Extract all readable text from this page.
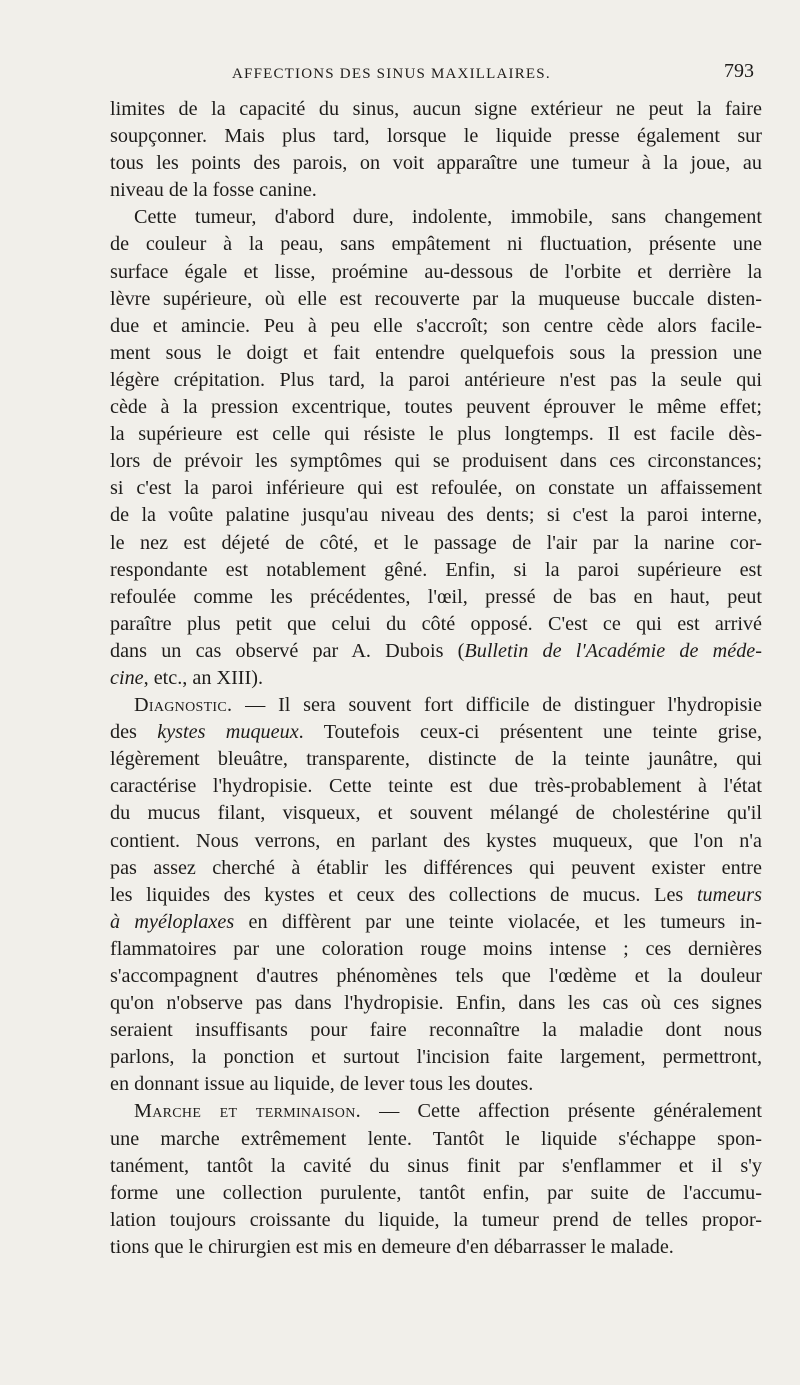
AFFECTIONS DES SINUS MAXILLAIRES.	793
limites de la capacité du sinus, aucun signe extérieur ne peut la faire
soupçonner. Mais plus tard, lorsque le liquide presse également sur
tous les points des parois, on voit apparaître une tumeur à la joue, au
niveau de la fosse canine.
Cette tumeur, d'abord dure, indolente, immobile, sans changement
de couleur à la peau, sans empâtement ni fluctuation, présente une
surface égale et lisse, proémine au-dessous de l'orbite et derrière la
lèvre supérieure, où elle est recouverte par la muqueuse buccale disten-
due et amincie. Peu à peu elle s'accroît; son centre cède alors facile-
ment sous le doigt et fait entendre quelquefois sous la pression une
légère crépitation. Plus tard, la paroi antérieure n'est pas la seule qui
cède à la pression excentrique, toutes peuvent éprouver le même effet;
la supérieure est celle qui résiste le plus longtemps. Il est facile dès-
lors de prévoir les symptômes qui se produisent dans ces circonstances;
si c'est la paroi inférieure qui est refoulée, on constate un affaissement
de la voûte palatine jusqu'au niveau des dents; si c'est la paroi interne,
le nez est déjeté de côté, et le passage de l'air par la narine cor-
respondante est notablement gêné. Enfin, si la paroi supérieure est
refoulée comme les précédentes, l'œil, pressé de bas en haut, peut
paraître plus petit que celui du côté opposé. C'est ce qui est arrivé
dans un cas observé par A. Dubois (Bulletin de l'Académie de méde-
cine, etc., an XIII).
Diagnostic. — Il sera souvent fort difficile de distinguer l'hydropisie
des kystes muqueux. Toutefois ceux-ci présentent une teinte grise,
légèrement bleuâtre, transparente, distincte de la teinte jaunâtre, qui
caractérise l'hydropisie. Cette teinte est due très-probablement à l'état
du mucus filant, visqueux, et souvent mélangé de cholestérine qu'il
contient. Nous verrons, en parlant des kystes muqueux, que l'on n'a
pas assez cherché à établir les différences qui peuvent exister entre
les liquides des kystes et ceux des collections de mucus. Les tumeurs
à myéloplaxes en diffèrent par une teinte violacée, et les tumeurs in-
flammatoires par une coloration rouge moins intense ; ces dernières
s'accompagnent d'autres phénomènes tels que l'œdème et la douleur
qu'on n'observe pas dans l'hydropisie. Enfin, dans les cas où ces signes
seraient insuffisants pour faire reconnaître la maladie dont nous
parlons, la ponction et surtout l'incision faite largement, permettront,
en donnant issue au liquide, de lever tous les doutes.
Marche et terminaison. — Cette affection présente généralement
une marche extrêmement lente. Tantôt le liquide s'échappe spon-
tanément, tantôt la cavité du sinus finit par s'enflammer et il s'y
forme une collection purulente, tantôt enfin, par suite de l'accumu-
lation toujours croissante du liquide, la tumeur prend de telles propor-
tions que le chirurgien est mis en demeure d'en débarrasser le malade.
